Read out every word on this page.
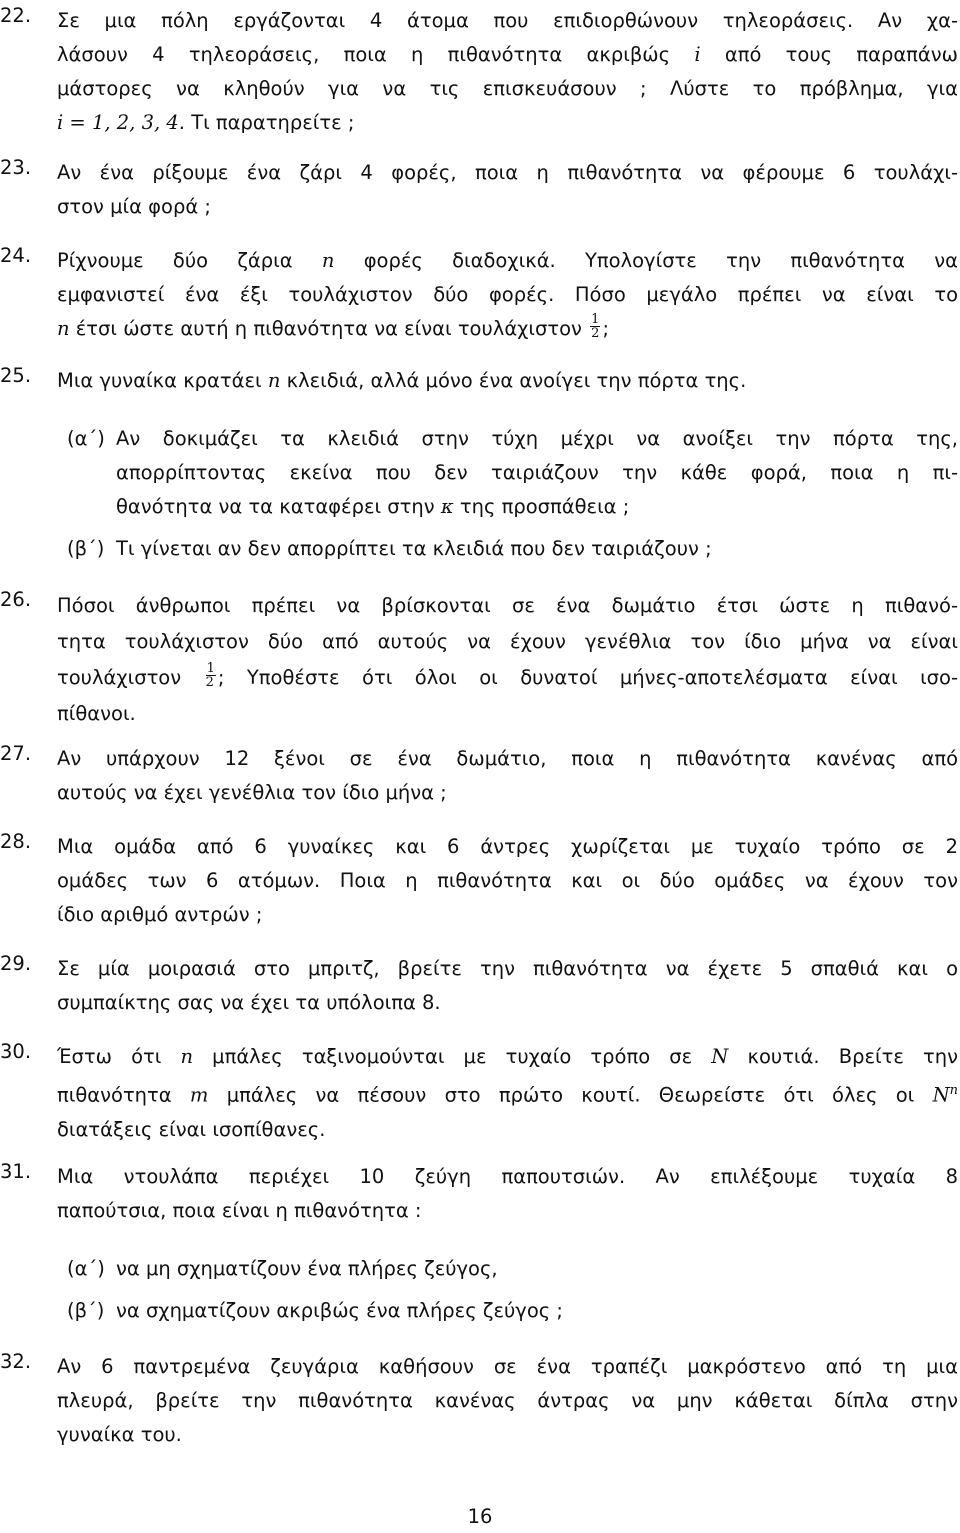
22. Σε μια πόλη εργάζονται 4 άτομα που επιδιορθώνουν τηλεοράσεις. Αν χα-
λάσουν 4 τηλεοράσεις, ποια η πιθανότητα ακριβώς i από τους παραπάνω
μάστορες να κληθούν για να τις επισκευάσουν ; Λύστε το πρόβλημα, για
i = 1, 2, 3, 4. Τι παρατηρείτε ;
23. Αν ένα ρίξουμε ένα ζάρι 4 φορές, ποια η πιθανότητα να φέρουμε 6 τουλάχι-
στον μία φορά ;
24. Ρίχνουμε δύο ζάρια n φορές διαδοχικά. Υπολογίστε την πιθανότητα να
εμφανιστεί ένα έξι τουλάχιστον δύο φορές. Πόσο μεγάλο πρέπει να είναι το
n έτσι ώστε αυτή η πιθανότητα να είναι τουλάχιστον $\frac{1}{2}$ ;
25. Μια γυναίκα κρατάει n κλειδιά, αλλά μόνο ένα ανοίγει την πόρτα της.
(α΄) Αν δοκιμάζει τα κλειδιά στην τύχη μέχρι να ανοίξει την πόρτα της,
απορρίπτοντας εκείνα που δεν ταιριάζουν την κάθε φορά, ποια η πι-
θανότητα να τα καταφέρει στην κ της προσπάθεια ;
(β΄) Τι γίνεται αν δεν απορρίπτει τα κλειδιά που δεν ταιριάζουν ;
26. Πόσοι άνθρωποι πρέπει να βρίσκονται σε ένα δωμάτιο έτσι ώστε η πιθανό-
τητα τουλάχιστον δύο από αυτούς να έχουν γενέθλια τον ίδιο μήνα να είναι
τουλάχιστον $\frac{1}{2}$ ; Υποθέστε ότι όλοι οι δυνατοί μήνες-αποτελέσματα είναι ισο-
πίθανοι.
27. Αν υπάρχουν 12 ξένοι σε ένα δωμάτιο, ποια η πιθανότητα κανένας από
αυτούς να έχει γενέθλια τον ίδιο μήνα ;
28. Μια ομάδα από 6 γυναίκες και 6 άντρες χωρίζεται με τυχαίο τρόπο σε 2
ομάδες των 6 ατόμων. Ποια η πιθανότητα και οι δύο ομάδες να έχουν τον
ίδιο αριθμό αντρών ;
29. Σε μία μοιρασιά στο μπριτζ, βρείτε την πιθανότητα να έχετε 5 σπαθιά και ο
συμπαίκτης σας να έχει τα υπόλοιπα 8.
30. Έστω ότι n μπάλες ταξινομούνται με τυχαίο τρόπο σε N κουτιά. Βρείτε την
πιθανότητα m μπάλες να πέσουν στο πρώτο κουτί. Θεωρείστε ότι όλες οι $N^n$
διατάξεις είναι ισοπίθανες.
31. Μια ντουλάπα περιέχει 10 ζεύγη παπουτσιών. Αν επιλέξουμε τυχαία 8
παπούτσια, ποια είναι η πιθανότητα :
(α΄) να μη σχηματίζουν ένα πλήρες ζεύγος,
(β΄) να σχηματίζουν ακριβώς ένα πλήρες ζεύγος ;
32. Αν 6 παντρεμένα ζευγάρια καθήσουν σε ένα τραπέζι μακρόστενο από τη μια
πλευρά, βρείτε την πιθανότητα κανένας άντρας να μην κάθεται δίπλα στην
γυναίκα του.
16
